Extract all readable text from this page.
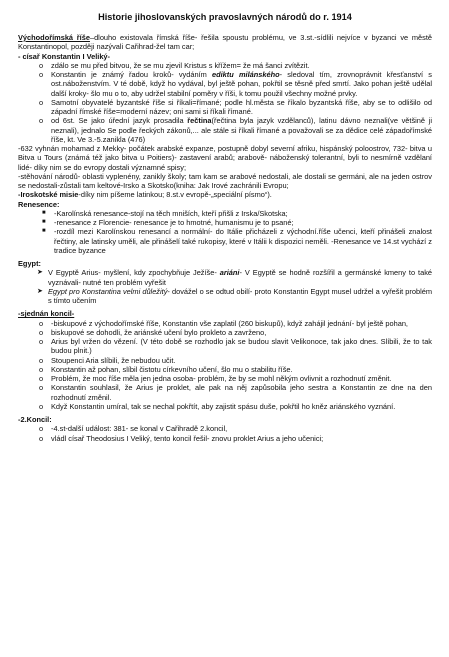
Historie jihoslovanských pravoslavných národů do r. 1914

Východořímská říše–dlouho existovala římská říše- řešila spoustu problému, ve 3.st.-sídlili nejvíce v byzanci ve městě Konstantinopol, později nazývali Cařihrad-žel tam car;

- císař Konstantin I Veliký-

o zdálo se mu před bitvou, že se mu zjevil Kristus s křížem= že má šanci zvítězit.
o Konstantin je známý řadou kroků- vydáním ediktu milánského- sledoval tím, zrovnoprávnit křesťanství s ost.náboženstvím. V té době, když ho vydával, byl ještě pohan, pokřtil se těsně před smrtí. Jako pohan ještě udělal další kroky- šlo mu o to, aby udržel stabilní poměry v říši, k tomu použil všechny možné prvky.
o Samotní obyvatelé byzantské říše si říkali=římané; podle hl.města se říkalo byzantská říše, aby se to odlišilo od západní římské říše=moderní název; oni sami si říkali římané.
o od 6st. Se jako úřední jazyk prosadila řečtina(řečtina byla jazyk vzdělanců), latinu dávno neznali(ve většině ji neznali), jednalo Se podle řeckých zákonů,... ale stále si říkali římané a považovali se za dědice celé západořímské říše, kt. Ve 3.-5.zanikla (476)

-632 vyhnán mohamad z Mekky- počátek arabské expanze, postupně dobyl severní afriku, hispánský poloostrov, 732- bitva u Bitva u Tours (známá též jako bitva u Poitiers)- zastavení arabů; arabově- náboženský tolerantní, byli to nesmírně vzdělaní lidé- díky nim se do evropy dostali významné spisy;

-stěhování národů- oblasti vyplenény, zanikly školy; tam kam se arabové nedostali, ale dostali se germáni, ale na jeden ostrov se nedostali-zůstali tam keltové-Irsko a Skotsko(kniha: Jak Irové zachránili Evropu;

-Iroskotské misie-díky nim píšeme latinkou; 8.st.v evropě-„speciální písmo“).

Renesence:

■ -Karolínská renesance-stojí na těch mniších, kteří přišli z Irska/Skotska;
■ -renesance z Florencie- renesance je to hmotné, humanismu je to psané;
■ -rozdíl mezi Karolínskou renesancí a normální- do Itálie přicházeli z východní.říše učenci, kteří přinášeli znalost řečtiny, ale latinsky uměli, ale přinášelí také rukopisy, které v Itálii k dispozici neměli. -Renesance ve 14.st vychází z tradice byzance

Egypt:

➤ V Egyptě Arius- myšlení, kdy zpochybňuje Ježíše- ariáni- V Egyptě se hodně rozšířil a germánské kmeny to také vyznávali- nutné ten problém vyřešit
➤ Egypt pro Konstantina velmi důležitý- dovážel o se odtud obilí- proto Konstantin Egypt musel udržel a vyřešit problém s tímto učením

-sjednán koncil-

o -biskupové z východořímské říše, Konstantin vše zaplatil (260 biskupů), když zahájil jednání- byl ještě pohan,
o biskupové se dohodli, že ariánské učení bylo prokleto a zavrženo,
o Arius byl vržen do vězení. (V této době se rozhodlo jak se budou slavit Velikonoce, tak jako dnes. Slíbili, že to tak budou plnit.)
o Stoupenci Aria slíbili, že nebudou učit.
o Konstantin až pohan, slíbil čistotu církevního učení, šlo mu o stabilitu říše.
o Problém, že moc říše měla jen jedna osoba- problém, že by se mohl někým ovlivnit a rozhodnutí změnit.
o Konstantin souhlasil, že Arius je proklet, ale pak na něj zapůsobila jeho sestra a Konstantin ze dne na den rozhodnutí změnil.
o Když Konstantin umíral, tak se nechal pokřtít, aby zajistit spásu duše, pokřtil ho kněz ariánského vyznání.

-2.Koncil:

o -4.st-další událost: 381- se konal v Cařihradě 2.koncil,
o vládl císař Theodosius I Veliký, tento koncil řešil- znovu proklet Arius a jeho učenici;
